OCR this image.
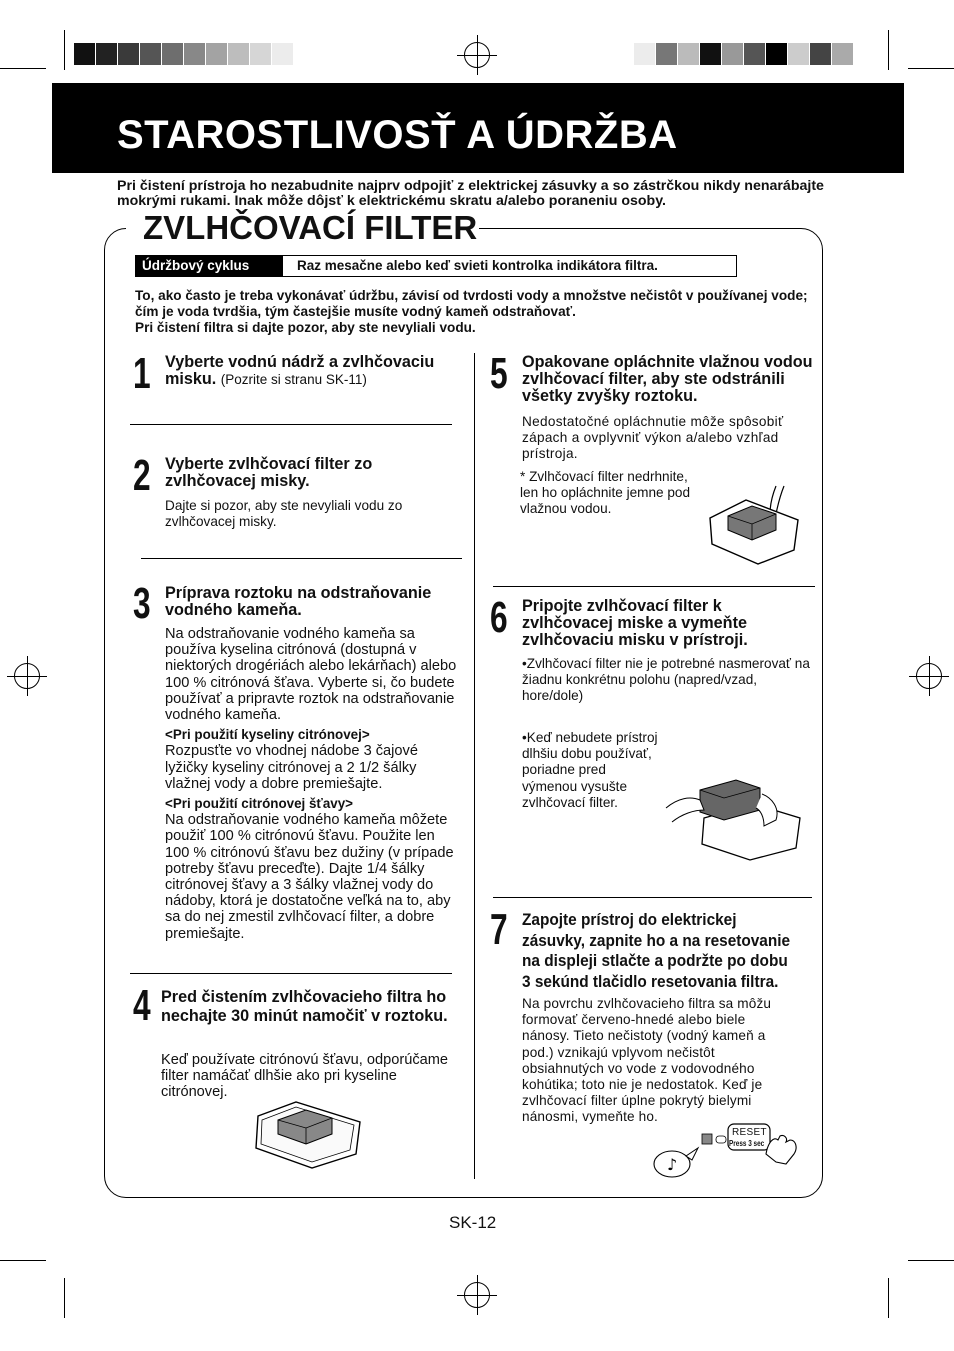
STAROSTLIVOSŤ A ÚDRŽBA
Pri čistení prístroja ho nezabudnite najprv odpojiť z elektrickej zásuvky a so zástrčkou nikdy nenarábajte mokrými rukami. Inak môže dôjsť k elektrickému skratu a/alebo poraneniu osoby.
ZVLHČOVACÍ FILTER
Údržbový cyklus	Raz mesačne alebo keď svieti kontrolka indikátora filtra.

To, ako často je treba vykonávať údržbu, závisí od tvrdosti vody a množstve nečistôt v používanej vode; čím je voda tvrdšia, tým častejšie musíte vodný kameň odstraňovať.

Pri čistení filtra si dajte pozor, aby ste nevyliali vodu.

1 Vyberte vodnú nádrž a zvlhčovaciu misku. (Pozrite si stranu SK-11)
2 Vyberte zvlhčovací filter zo zvlhčovacej misky.
Dajte si pozor, aby ste nevyliali vodu zo zvlhčovacej misky.
3 Príprava roztoku na odstraňovanie vodného kameňa.
Na odstraňovanie vodného kameňa sa používa kyselina citrónová (dostupná v niektorých drogériách alebo lekárňach) alebo 100 % citrónová šťava. Vyberte si, čo budete používať a pripravte roztok na odstraňovanie vodného kameňa.
<Pri použití kyseliny citrónovej>
Rozpusťte vo vhodnej nádobe 3 čajové lyžičky kyseliny citrónovej a 2 1/2 šálky vlažnej vody a dobre premiešajte.
<Pri použití citrónovej šťavy>
Na odstraňovanie vodného kameňa môžete použiť 100 % citrónovú šťavu. Použite len 100 % citrónovú šťavu bez dužiny (v prípade potreby šťavu preceďte). Dajte 1/4 šálky citrónovej šťavy a 3 šálky vlažnej vody do nádoby, ktorá je dostatočne veľká na to, aby sa do nej zmestil zvlhčovací filter, a dobre premiešajte.
4 Pred čistením zvlhčovacieho filtra ho nechajte 30 minút namočiť v roztoku.
Keď používate citrónovú šťavu, odporúčame filter namáčať dlhšie ako pri kyseline citrónovej.
5 Opakovane opláchnite vlažnou vodou zvlhčovací filter, aby ste odstránili všetky zvyšky roztoku.
Nedostatočné opláchnutie môže spôsobiť zápach a ovplyvniť výkon a/alebo vzhľad prístroja.
* Zvlhčovací filter nedrhnite, len ho opláchnite jemne pod vlažnou vodou.
6 Pripojte zvlhčovací filter k zvlhčovacej miske a vymeňte zvlhčovaciu misku v prístroji.
•Zvlhčovací filter nie je potrebné nasmerovať na žiadnu konkrétnu polohu (napred/vzad, hore/dole)
•Keď nebudete prístroj dlhšiu dobu používať, poriadne pred výmenou vysušte zvlhčovací filter.
7 Zapojte prístroj do elektrickej zásuvky, zapnite ho a na resetovanie na displeji stlačte a podržte po dobu 3 sekúnd tlačidlo resetovania filtra.
Na povrchu zvlhčovacieho filtra sa môžu formovať červeno-hnedé alebo biele nánosy. Tieto nečistoty (vodný kameň a pod.) vznikajú vplyvom nečistôt obsiahnutých vo vode z vodovodného kohútika; toto nie je nedostatok. Keď je zvlhčovací filter úplne pokrytý bielymi nánosmi, vymeňte ho.
♪
RESET
Press 3 sec
SK-12
